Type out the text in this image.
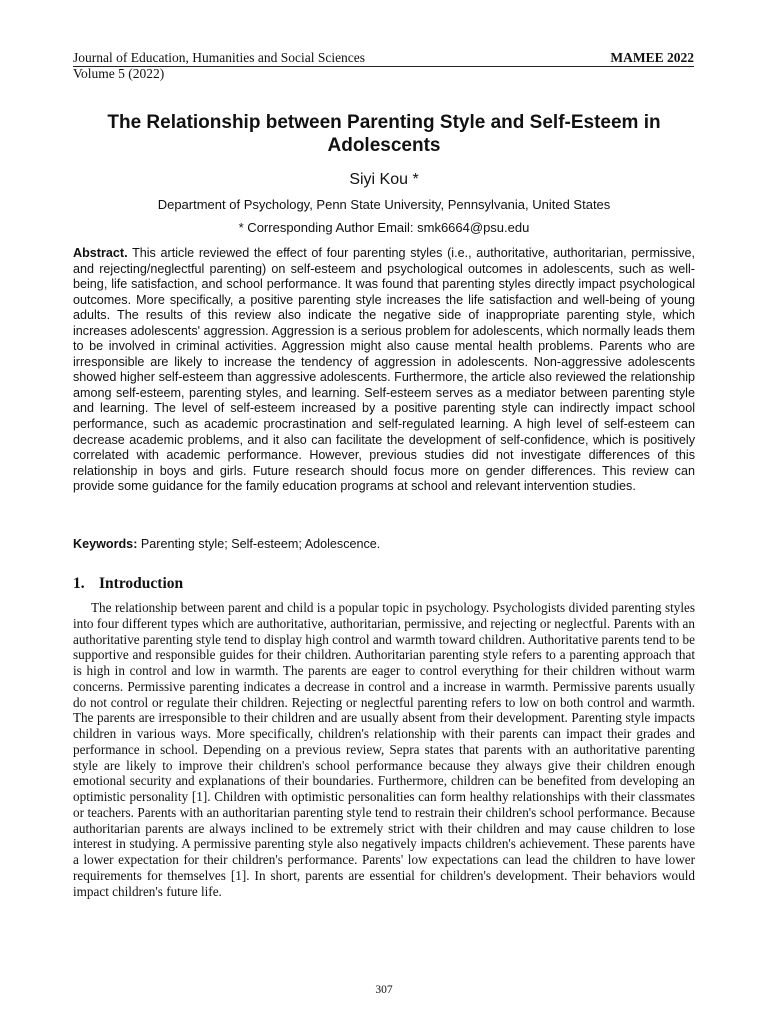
Journal of Education, Humanities and Social Sciences
Volume 5 (2022)
MAMEE 2022
The Relationship between Parenting Style and Self-Esteem in Adolescents
Siyi Kou *
Department of Psychology, Penn State University, Pennsylvania, United States
* Corresponding Author Email: smk6664@psu.edu
Abstract. This article reviewed the effect of four parenting styles (i.e., authoritative, authoritarian, permissive, and rejecting/neglectful parenting) on self-esteem and psychological outcomes in adolescents, such as well-being, life satisfaction, and school performance. It was found that parenting styles directly impact psychological outcomes. More specifically, a positive parenting style increases the life satisfaction and well-being of young adults. The results of this review also indicate the negative side of inappropriate parenting style, which increases adolescents' aggression. Aggression is a serious problem for adolescents, which normally leads them to be involved in criminal activities. Aggression might also cause mental health problems. Parents who are irresponsible are likely to increase the tendency of aggression in adolescents. Non-aggressive adolescents showed higher self-esteem than aggressive adolescents. Furthermore, the article also reviewed the relationship among self-esteem, parenting styles, and learning. Self-esteem serves as a mediator between parenting style and learning. The level of self-esteem increased by a positive parenting style can indirectly impact school performance, such as academic procrastination and self-regulated learning. A high level of self-esteem can decrease academic problems, and it also can facilitate the development of self-confidence, which is positively correlated with academic performance. However, previous studies did not investigate differences of this relationship in boys and girls. Future research should focus more on gender differences. This review can provide some guidance for the family education programs at school and relevant intervention studies.
Keywords: Parenting style; Self-esteem; Adolescence.
1. Introduction
The relationship between parent and child is a popular topic in psychology. Psychologists divided parenting styles into four different types which are authoritative, authoritarian, permissive, and rejecting or neglectful. Parents with an authoritative parenting style tend to display high control and warmth toward children. Authoritative parents tend to be supportive and responsible guides for their children. Authoritarian parenting style refers to a parenting approach that is high in control and low in warmth. The parents are eager to control everything for their children without warm concerns. Permissive parenting indicates a decrease in control and a increase in warmth. Permissive parents usually do not control or regulate their children. Rejecting or neglectful parenting refers to low on both control and warmth. The parents are irresponsible to their children and are usually absent from their development. Parenting style impacts children in various ways. More specifically, children's relationship with their parents can impact their grades and performance in school. Depending on a previous review, Sepra states that parents with an authoritative parenting style are likely to improve their children's school performance because they always give their children enough emotional security and explanations of their boundaries. Furthermore, children can be benefited from developing an optimistic personality [1]. Children with optimistic personalities can form healthy relationships with their classmates or teachers. Parents with an authoritarian parenting style tend to restrain their children's school performance. Because authoritarian parents are always inclined to be extremely strict with their children and may cause children to lose interest in studying. A permissive parenting style also negatively impacts children's achievement. These parents have a lower expectation for their children's performance. Parents' low expectations can lead the children to have lower requirements for themselves [1]. In short, parents are essential for children's development. Their behaviors would impact children's future life.
307
